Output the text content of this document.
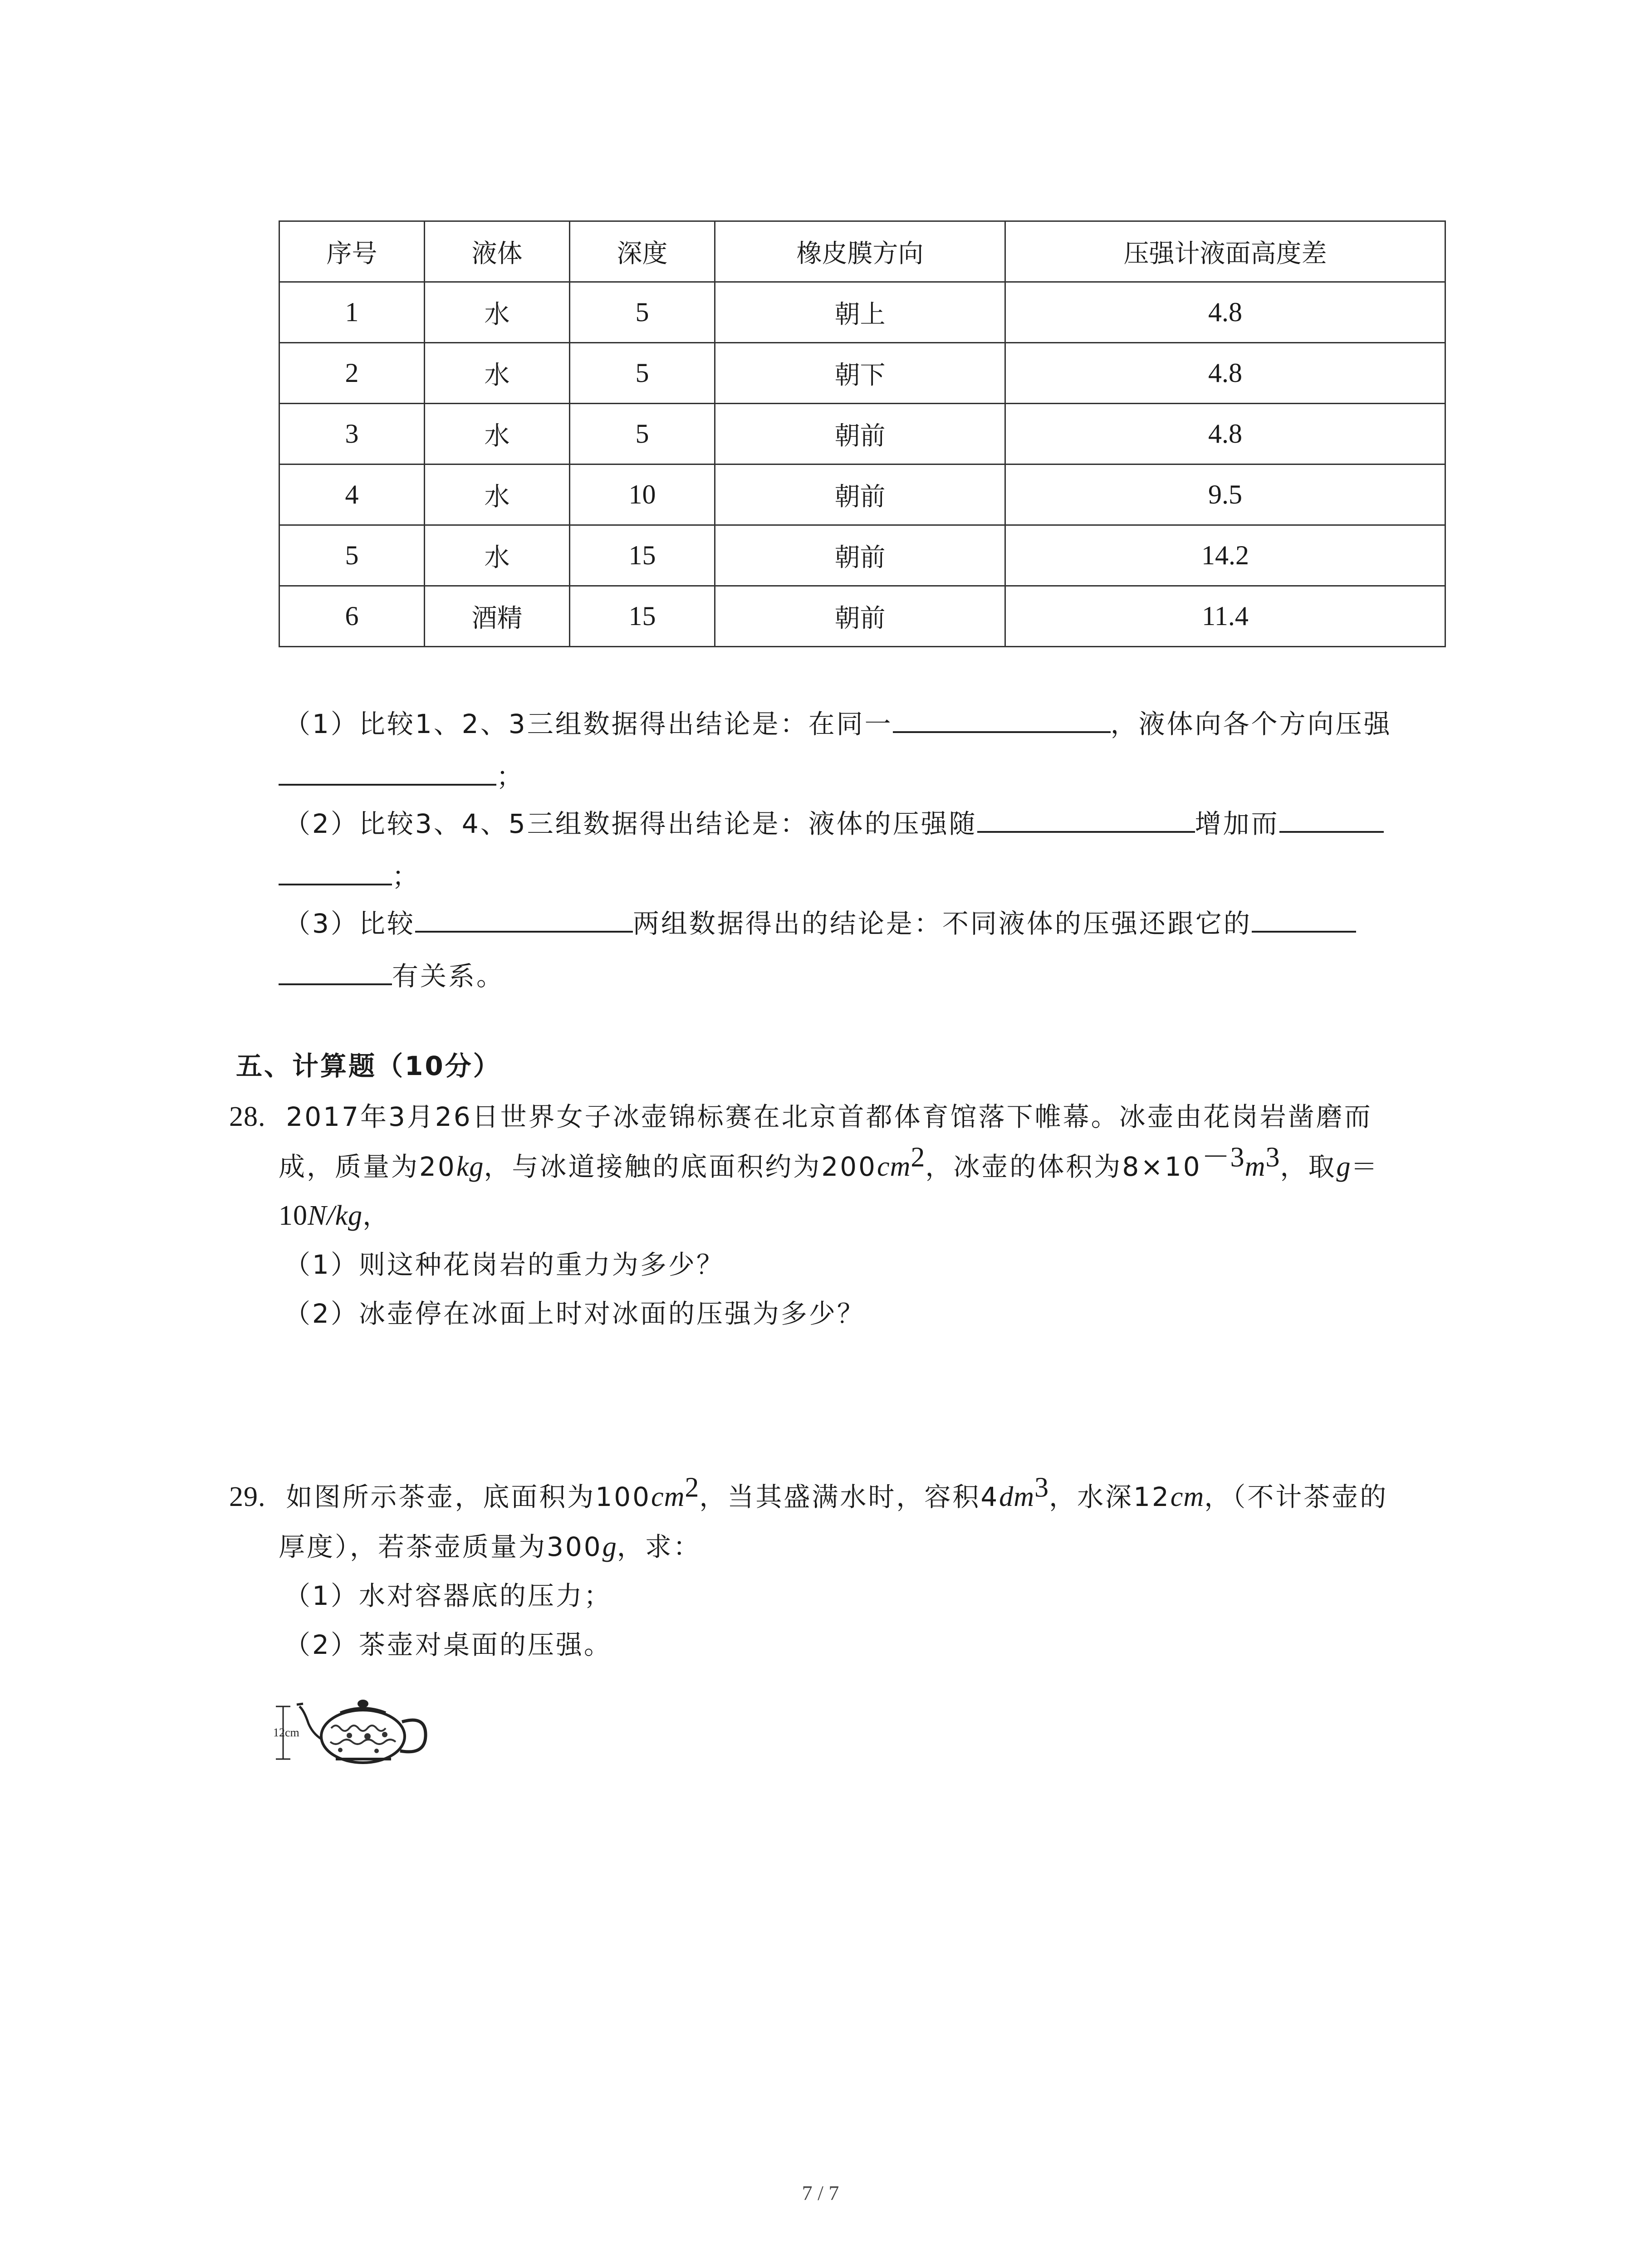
序号	液体	深度	橡皮膜方向	压强计液面高度差
1	水	5	朝上	4.8
2	水	5	朝下	4.8
3	水	5	朝前	4.8
4	水	10	朝前	9.5
5	水	15	朝前	14.2
6	酒精	15	朝前	11.4
（1）比较1、2、3三组数据得出结论是：在同一	，液体向各个方向压强
；
（2）比较3、4、5三组数据得出结论是：液体的压强随	增加而
；
（3）比较	两组数据得出的结论是：不同液体的压强还跟它的
有关系。
五、计算题（10分）
28. 2017年3月26日世界女子冰壶锦标赛在北京首都体育馆落下帷幕。冰壶由花岗岩凿磨而
成，质量为20kg，与冰道接触的底面积约为$200cm^2$，冰壶的体积为$8\times 10^{-3}m^3$，取g＝
10N/kg，
（1）则这种花岗岩的重力为多少？
（2）冰壶停在冰面上时对冰面的压强为多少？
29. 如图所示茶壶，底面积为$100cm^2$，当其盛满水时，容积$4dm^3$，水深12cm，（不计茶壶的
厚度），若茶壶质量为300g，求：
（1）水对容器底的压力；
（2）茶壶对桌面的压强。
12cm
7 / 7
